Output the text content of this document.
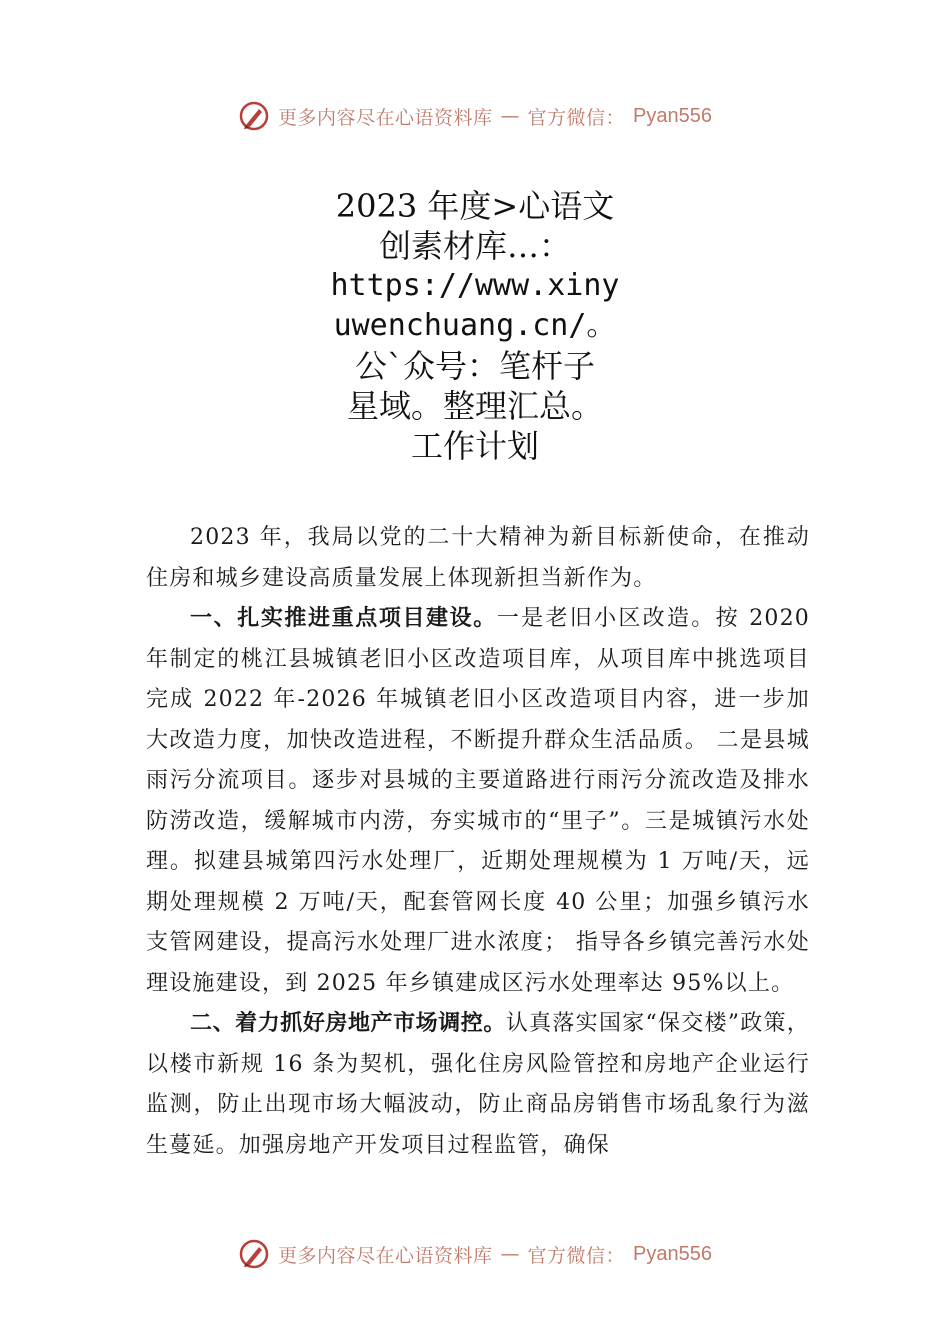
更多内容尽在心语资料库 — 官方微信： Pyan556
2023 年度>心语文
创素材库…：
https://www.xiny
uwenchuang.cn/。
公`众号：笔杆子
星域。整理汇总。
工作计划

2023 年，我局以党的二十大精神为新目标新使命，在推动住房和城乡建设高质量发展上体现新担当新作为。

一、扎实推进重点项目建设。一是老旧小区改造。按 2020 年制定的桃江县城镇老旧小区改造项目库，从项目库中挑选项目完成 2022 年-2026 年城镇老旧小区改造项目内容，进一步加大改造力度，加快改造进程，不断提升群众生活品质。 二是县城雨污分流项目。逐步对县城的主要道路进行雨污分流改造及排水防涝改造，缓解城市内涝，夯实城市的“里子”。三是城镇污水处理。拟建县城第四污水处理厂，近期处理规模为 1 万吨/天，远期处理规模 2 万吨/天，配套管网长度 40 公里；加强乡镇污水支管网建设，提高污水处理厂进水浓度； 指导各乡镇完善污水处理设施建设，到 2025 年乡镇建成区污水处理率达 95%以上。

二、着力抓好房地产市场调控。认真落实国家“保交楼”政策，以楼市新规 16 条为契机，强化住房风险管控和房地产企业运行监测，防止出现市场大幅波动，防止商品房销售市场乱象行为滋生蔓延。加强房地产开发项目过程监管，确保

更多内容尽在心语资料库 — 官方微信： Pyan556
